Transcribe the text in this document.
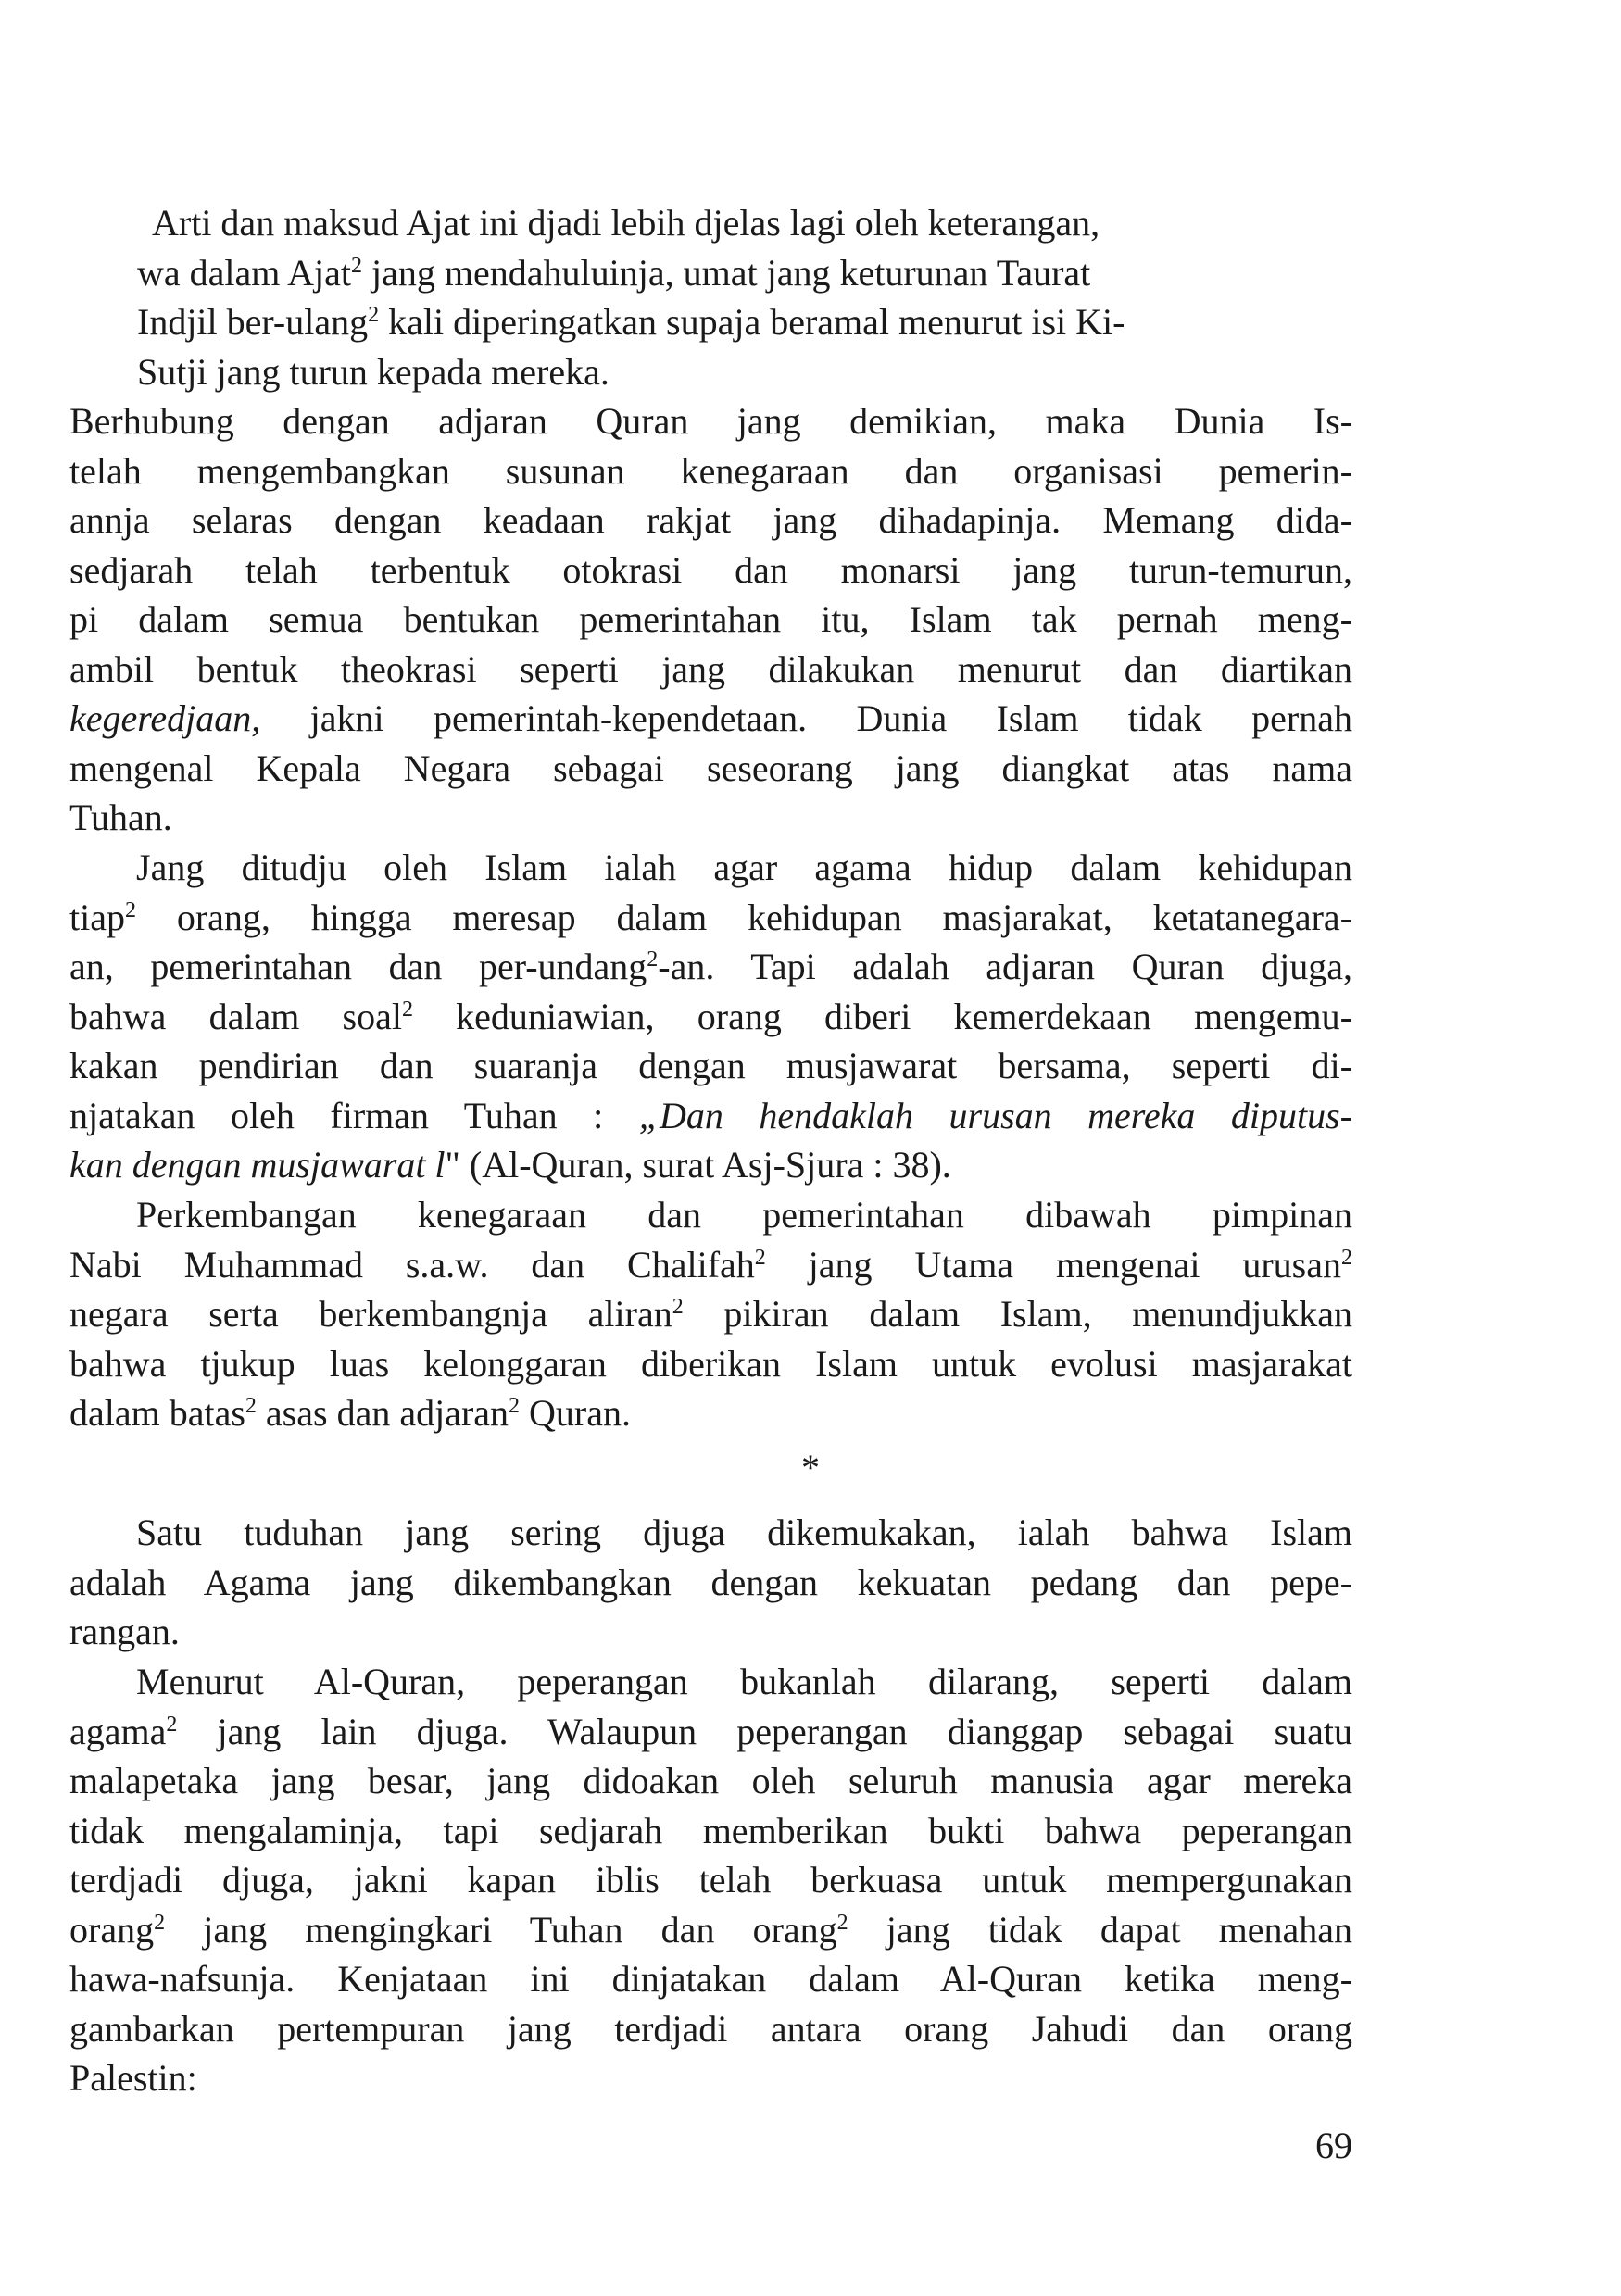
Arti dan maksud Ajat ini djadi lebih djelas lagi oleh keterangan,
wa dalam Ajat$^2$ jang mendahuluinja, umat jang keturunan Taurat
Indjil ber-ulang$^2$ kali diperingatkan supaja beramal menurut isi Ki-
Sutji jang turun kepada mereka.

Berhubung dengan adjaran Quran jang demikian, maka Dunia Is-
telah mengembangkan susunan kenegaraan dan organisasi pemerin-
annja selaras dengan keadaan rakjat jang dihadapinja. Memang dida-
sedjarah telah terbentuk otokrasi dan monarsi jang turun-temurun,
pi dalam semua bentukan pemerintahan itu, Islam tak pernah meng-
ambil bentuk theokrasi seperti jang dilakukan menurut dan diartikan
kegeredjaan, jakni pemerintah-kependetaan. Dunia Islam tidak pernah
mengenal Kepala Negara sebagai seseorang jang diangkat atas nama
Tuhan.

Jang ditudju oleh Islam ialah agar agama hidup dalam kehidupan
tiap$^2$ orang, hingga meresap dalam kehidupan masjarakat, ketatanegara-
an, pemerintahan dan per-undang$^2$-an. Tapi adalah adjaran Quran djuga,
bahwa dalam soal$^2$ keduniawian, orang diberi kemerdekaan mengemu-
kakan pendirian dan suaranja dengan musjawarat bersama, seperti di-
njatakan oleh firman Tuhan : „Dan hendaklah urusan mereka diputus-
kan dengan musjawarat l" (Al-Quran, surat Asj-Sjura : 38).

Perkembangan kenegaraan dan pemerintahan dibawah pimpinan
Nabi Muhammad s.a.w. dan Chalifah$^2$ jang Utama mengenai urusan$^2$
negara serta berkembangnja aliran$^2$ pikiran dalam Islam, menundjukkan
bahwa tjukup luas kelonggaran diberikan Islam untuk evolusi masjarakat
dalam batas$^2$ asas dan adjaran$^2$ Quran.

*

Satu tuduhan jang sering djuga dikemukakan, ialah bahwa Islam
adalah Agama jang dikembangkan dengan kekuatan pedang dan pepe-
rangan.

Menurut Al-Quran, peperangan bukanlah dilarang, seperti dalam
agama$^2$ jang lain djuga. Walaupun peperangan dianggap sebagai suatu
malapetaka jang besar, jang didoakan oleh seluruh manusia agar mereka
tidak mengalaminja, tapi sedjarah memberikan bukti bahwa peperangan
terdjadi djuga, jakni kapan iblis telah berkuasa untuk mempergunakan
orang$^2$ jang mengingkari Tuhan dan orang$^2$ jang tidak dapat menahan
hawa-nafsunja. Kenjataan ini dinjatakan dalam Al-Quran ketika meng-
gambarkan pertempuran jang terdjadi antara orang Jahudi dan orang
Palestin:

69
